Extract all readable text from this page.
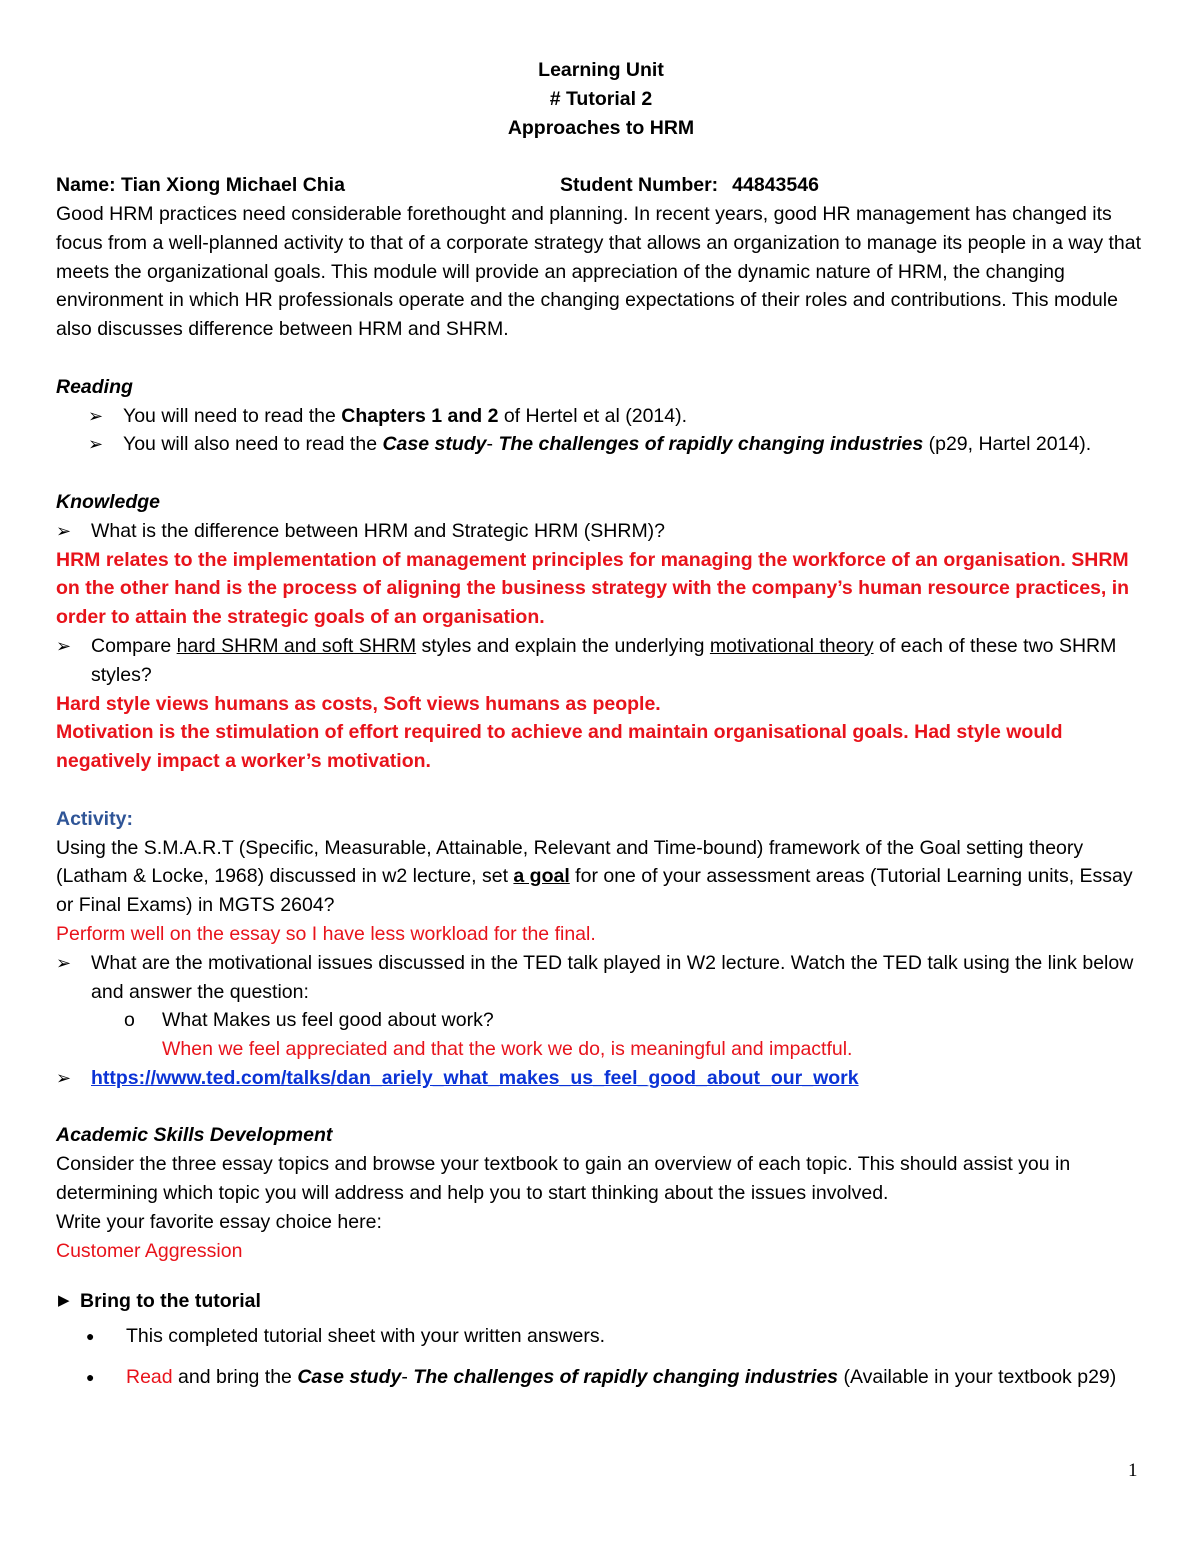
Learning Unit
# Tutorial 2
Approaches to HRM
Name: Tian Xiong Michael Chia	Student Number: 44843546
Good HRM practices need considerable forethought and planning. In recent years, good HR management has changed its focus from a well-planned activity to that of a corporate strategy that allows an organization to manage its people in a way that meets the organizational goals. This module will provide an appreciation of the dynamic nature of HRM, the changing environment in which HR professionals operate and the changing expectations of their roles and contributions. This module also discusses difference between HRM and SHRM.
Reading
➢	You will need to read the Chapters 1 and 2 of Hertel et al (2014).
➢	You will also need to read the Case study- The challenges of rapidly changing industries (p29, Hartel 2014).
Knowledge
➢	What is the difference between HRM and Strategic HRM (SHRM)?
HRM relates to the implementation of management principles for managing the workforce of an organisation. SHRM on the other hand is the process of aligning the business strategy with the company’s human resource practices, in order to attain the strategic goals of an organisation.
➢	Compare hard SHRM and soft SHRM styles and explain the underlying motivational theory of each of these two SHRM styles?
Hard style views humans as costs, Soft views humans as people.
Motivation is the stimulation of effort required to achieve and maintain organisational goals. Had style would negatively impact a worker’s motivation.
Activity:
Using the S.M.A.R.T (Specific, Measurable, Attainable, Relevant and Time-bound) framework of the Goal setting theory (Latham & Locke, 1968) discussed in w2 lecture, set a goal for one of your assessment areas (Tutorial Learning units, Essay or Final Exams) in MGTS 2604?
Perform well on the essay so I have less workload for the final.
➢	What are the motivational issues discussed in the TED talk played in W2 lecture. Watch the TED talk using the link below and answer the question:
o	What Makes us feel good about work?
When we feel appreciated and that the work we do, is meaningful and impactful.
➢	https://www.ted.com/talks/dan_ariely_what_makes_us_feel_good_about_our_work
Academic Skills Development
Consider the three essay topics and browse your textbook to gain an overview of each topic. This should assist you in determining which topic you will address and help you to start thinking about the issues involved.
Write your favorite essay choice here:
Customer Aggression
▶ Bring to the tutorial
●	This completed tutorial sheet with your written answers.
●	Read and bring the Case study- The challenges of rapidly changing industries (Available in your textbook p29)
1
